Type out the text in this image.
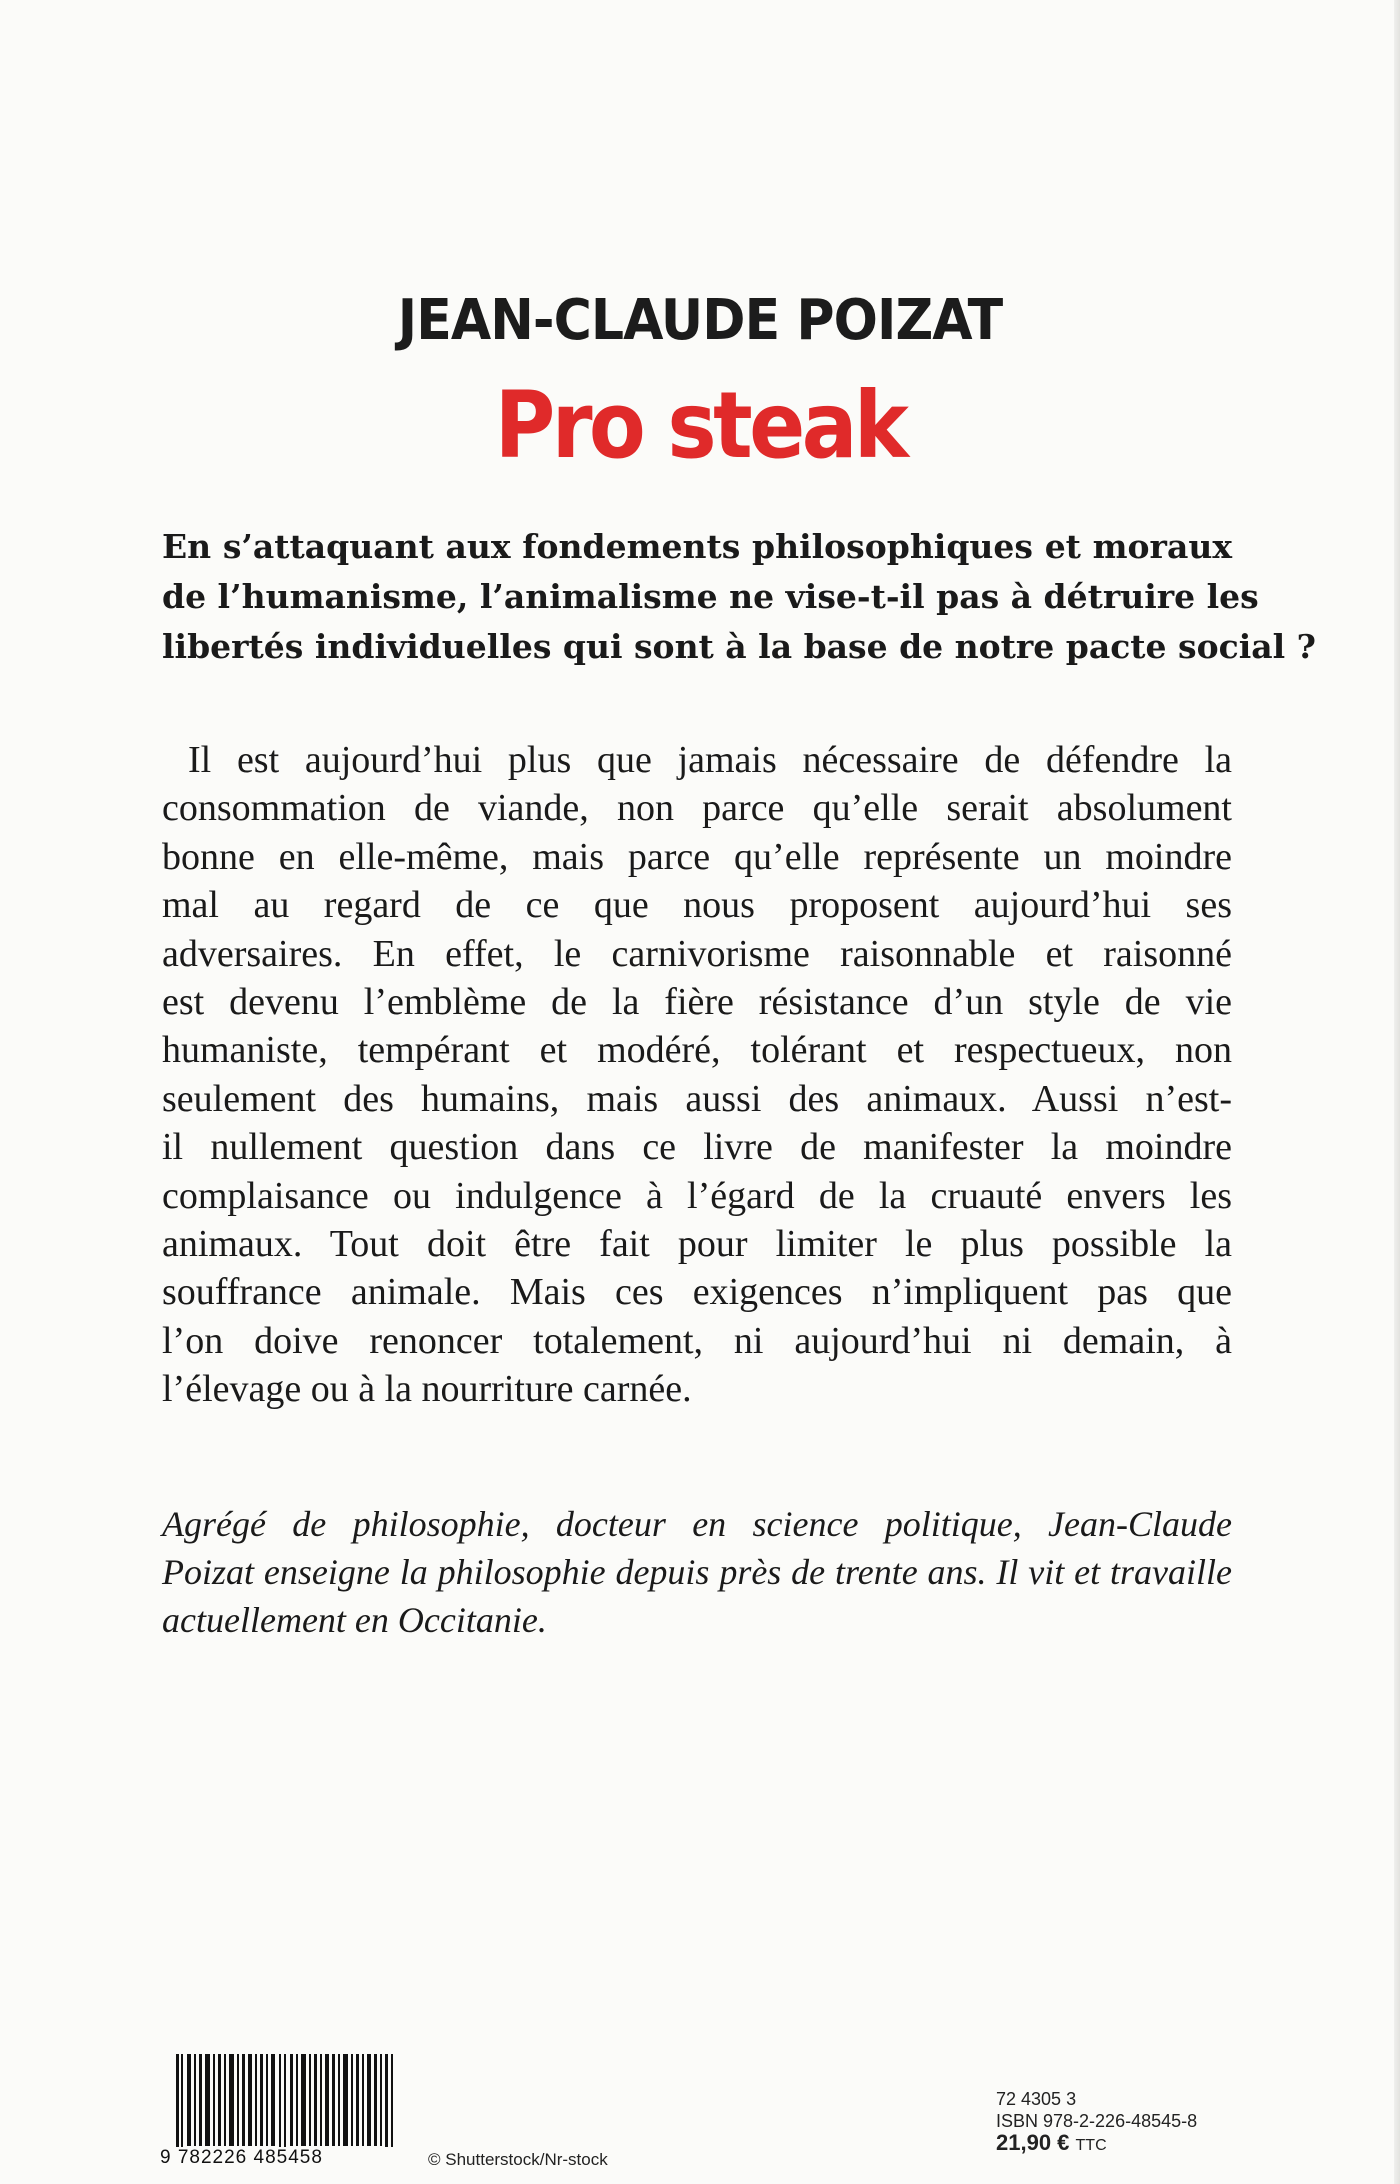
JEAN-CLAUDE POIZAT
Pro steak
En s’attaquant aux fondements philosophiques et moraux
de l’humanisme, l’animalisme ne vise-t-il pas à détruire les
libertés individuelles qui sont à la base de notre pacte social ?
Il est aujourd’hui plus que jamais nécessaire de défendre la
consommation de viande, non parce qu’elle serait absolument
bonne en elle-même, mais parce qu’elle représente un moindre
mal au regard de ce que nous proposent aujourd’hui ses
adversaires. En effet, le carnivorisme raisonnable et raisonné
est devenu l’emblème de la fière résistance d’un style de vie
humaniste, tempérant et modéré, tolérant et respectueux, non
seulement des humains, mais aussi des animaux. Aussi n’est-
il nullement question dans ce livre de manifester la moindre
complaisance ou indulgence à l’égard de la cruauté envers les
animaux. Tout doit être fait pour limiter le plus possible la
souffrance animale. Mais ces exigences n’impliquent pas que
l’on doive renoncer totalement, ni aujourd’hui ni demain, à
l’élevage ou à la nourriture carnée.
Agrégé de philosophie, docteur en science politique, Jean-Claude
Poizat enseigne la philosophie depuis près de trente ans. Il vit et travaille
actuellement en Occitanie.
9 782226 485458	© Shutterstock/Nr-stock
72 4305 3
ISBN 978-2-226-48545-8
21,90 € TTC
